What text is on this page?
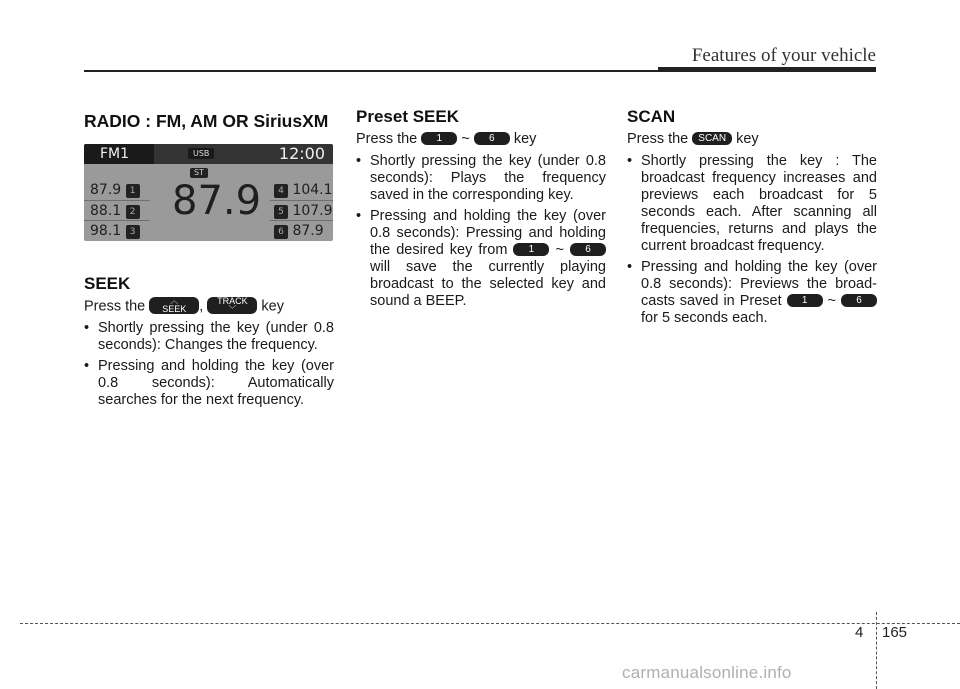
Features of your vehicle
RADIO : FM, AM OR SiriusXM
FM1	USB	12:00
ST
87.9
87.9 1
88.1 2
98.1 3
4 104.1
5 107.9
6 87.9
SEEK

Press the	︿
SEEK ,	TRACK
﹀	key

• Shortly pressing the key (under 0.8 seconds): Changes the frequency.
• Pressing and holding the key (over 0.8 seconds): Automatically searches for the next frequency.
Preset SEEK

Press the 1 ~ 6 key

• Shortly pressing the key (under 0.8 seconds): Plays the frequency saved in the corresponding key.
• Pressing and holding the key (over 0.8 seconds): Pressing and holding the desired key from 1 ~ 6 will save the currently playing broadcast to the selected key and sound a BEEP.
SCAN

Press the SCAN key

• Shortly pressing the key : The broadcast frequency increases and previews each broadcast for 5 seconds each. After scanning all frequencies, returns and plays the current broadcast frequency.
• Pressing and holding the key (over 0.8 seconds): Previews the broad-casts saved in Preset 1 ~ 6 for 5 seconds each.
4 165
carmanualsonline.info
